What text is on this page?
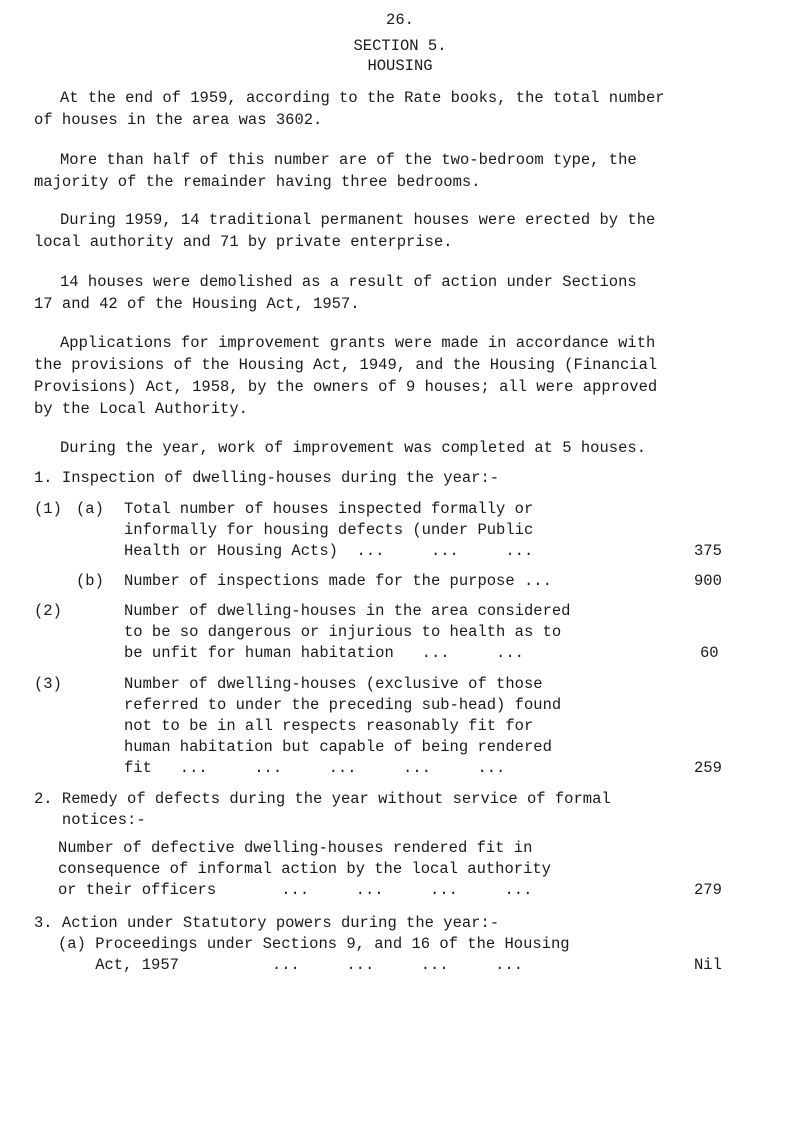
26.
SECTION 5.
HOUSING
At the end of 1959, according to the Rate books, the total number
of houses in the area was 3602.
More than half of this number are of the two-bedroom type, the
majority of the remainder having three bedrooms.
During 1959, 14 traditional permanent houses were erected by the
local authority and 71 by private enterprise.
14 houses were demolished as a result of action under Sections
17 and 42 of the Housing Act, 1957.
Applications for improvement grants were made in accordance with
the provisions of the Housing Act, 1949, and the Housing (Financial
Provisions) Act, 1958, by the owners of 9 houses; all were approved
by the Local Authority.
During the year, work of improvement was completed at 5 houses.
1. Inspection of dwelling-houses during the year:-
(1) (a) Total number of houses inspected formally or
informally for housing defects (under Public
Health or Housing Acts)  ...     ...     ...	375
(b) Number of inspections made for the purpose ...	900
(2)	Number of dwelling-houses in the area considered
to be so dangerous or injurious to health as to
be unfit for human habitation   ...     ...	60
(3)	Number of dwelling-houses (exclusive of those
referred to under the preceding sub-head) found
not to be in all respects reasonably fit for
human habitation but capable of being rendered
fit   ...     ...     ...     ...     ...	259
2. Remedy of defects during the year without service of formal
notices:-
Number of defective dwelling-houses rendered fit in
consequence of informal action by the local authority
or their officers       ...     ...     ...     ...	279
3. Action under Statutory powers during the year:-
(a) Proceedings under Sections 9, and 16 of the Housing
Act, 1957          ...     ...     ...     ...	Nil
